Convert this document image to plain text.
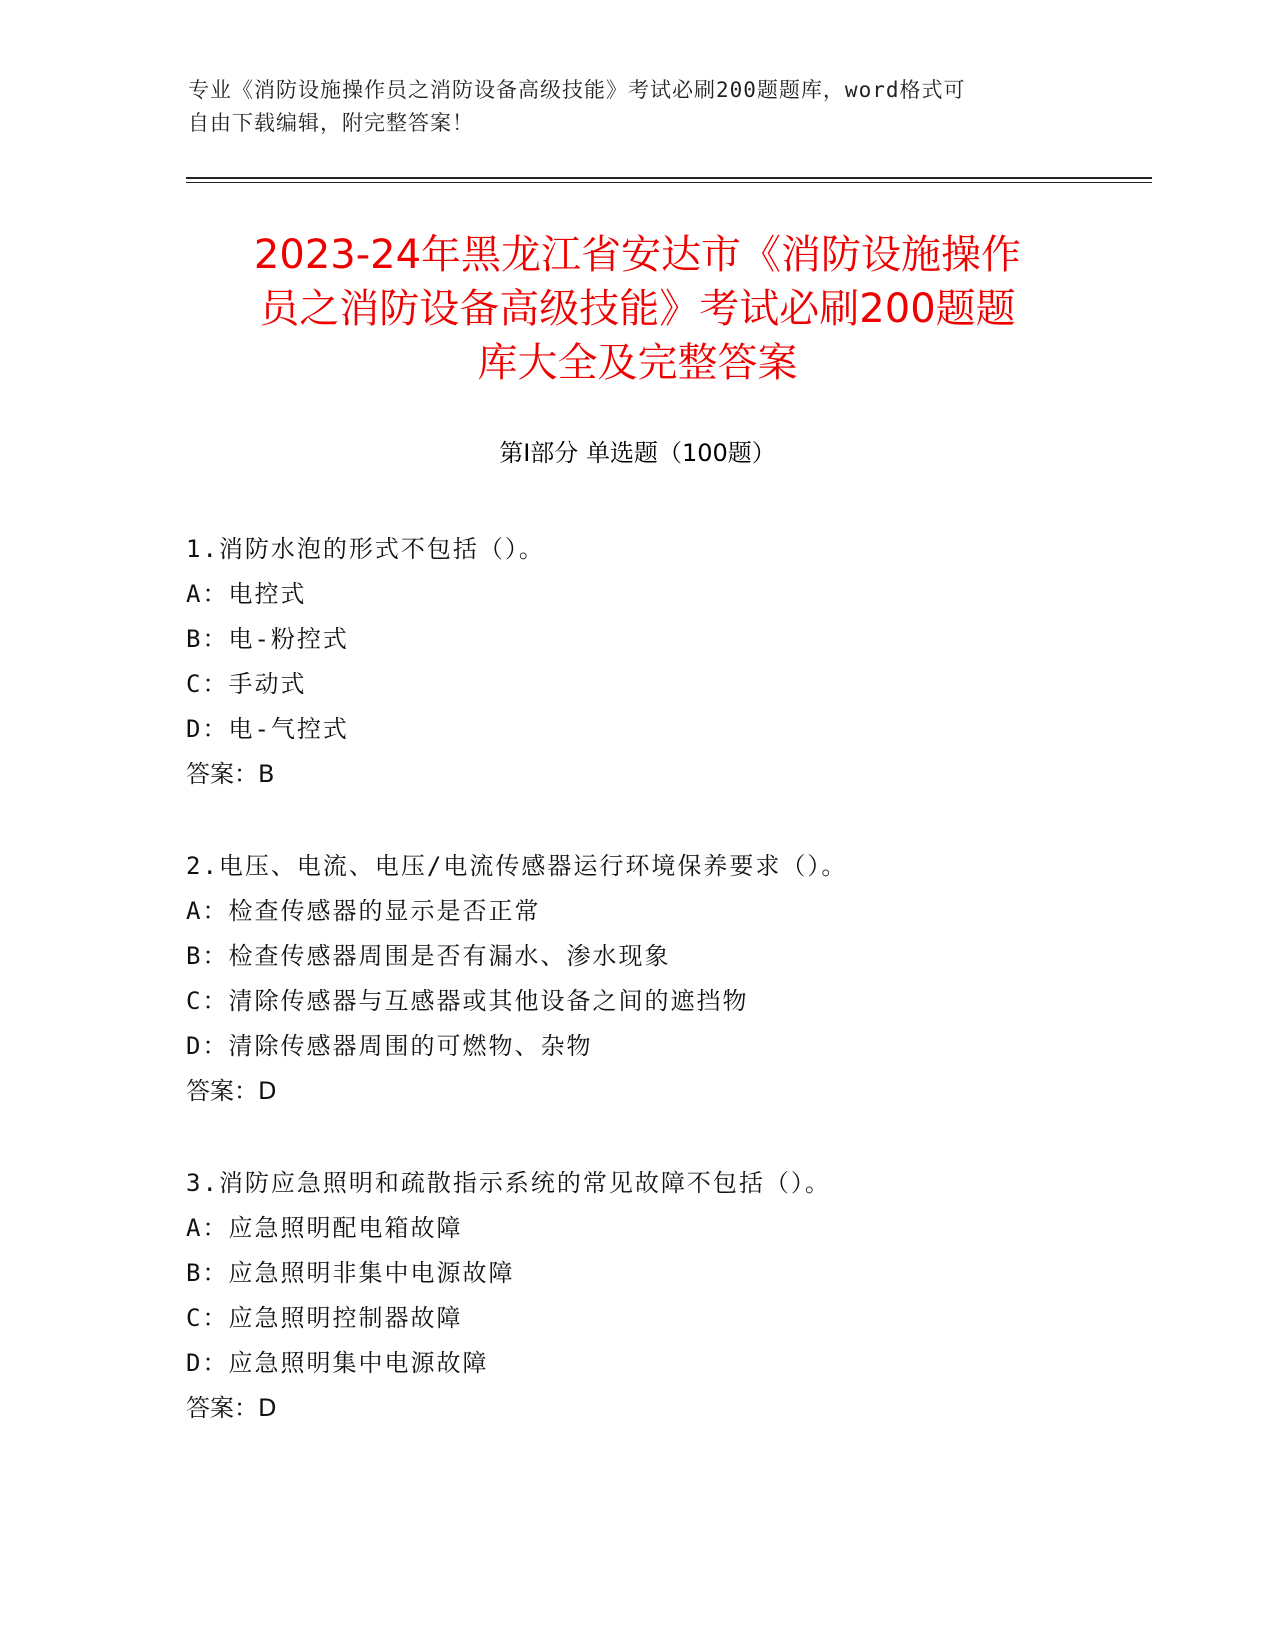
专业《消防设施操作员之消防设备高级技能》考试必刷200题题库，word格式可
自由下载编辑，附完整答案！
2023-24年黑龙江省安达市《消防设施操作
员之消防设备高级技能》考试必刷200题题
库大全及完整答案
第I部分 单选题（100题）
1.消防水泡的形式不包括（）。
A：电控式
B：电-粉控式
C：手动式
D：电-气控式
答案：B
2.电压、电流、电压/电流传感器运行环境保养要求（）。
A：检查传感器的显示是否正常
B：检查传感器周围是否有漏水、渗水现象
C：清除传感器与互感器或其他设备之间的遮挡物
D：清除传感器周围的可燃物、杂物
答案：D
3.消防应急照明和疏散指示系统的常见故障不包括（）。
A：应急照明配电箱故障
B：应急照明非集中电源故障
C：应急照明控制器故障
D：应急照明集中电源故障
答案：D
